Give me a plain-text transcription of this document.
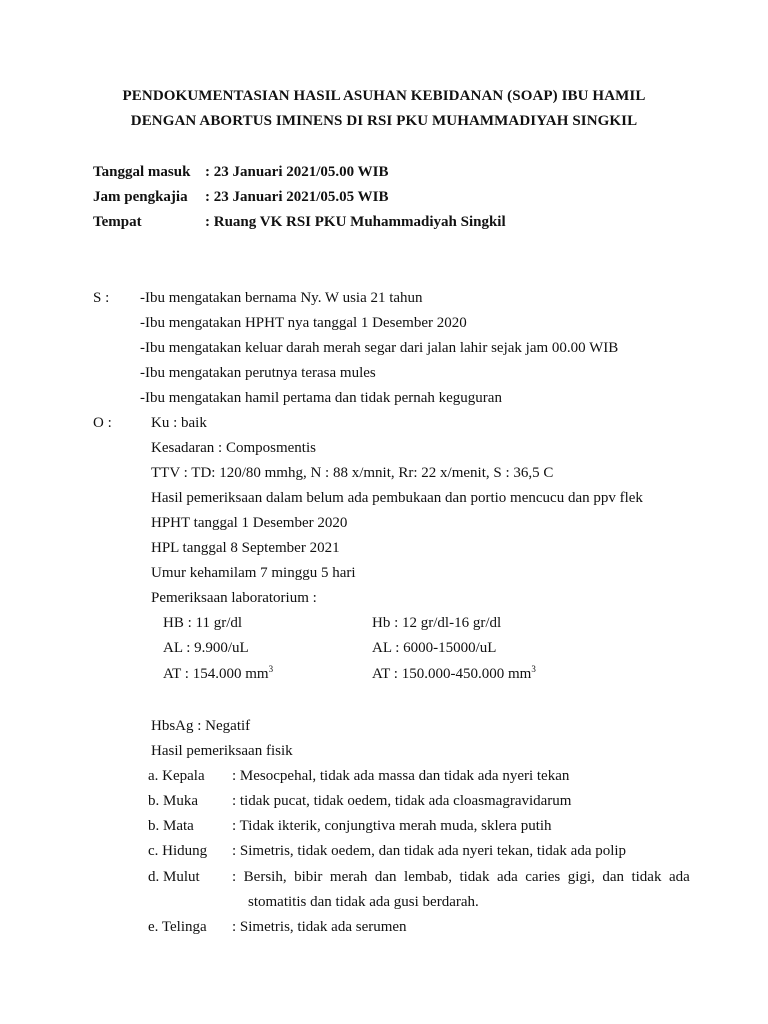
PENDOKUMENTASIAN HASIL ASUHAN KEBIDANAN (SOAP) IBU HAMIL
DENGAN ABORTUS IMINENS DI RSI PKU MUHAMMADIYAH SINGKIL
Tanggal masuk : 23 Januari 2021/05.00 WIB
Jam pengkajia : 23 Januari 2021/05.05 WIB
Tempat	: Ruang VK RSI PKU Muhammadiyah Singkil
S : -Ibu mengatakan bernama Ny. W usia 21 tahun
-Ibu mengatakan HPHT nya tanggal 1 Desember 2020
-Ibu mengatakan keluar darah merah segar dari jalan lahir sejak jam 00.00 WIB
-Ibu mengatakan perutnya terasa mules
-Ibu mengatakan hamil pertama dan tidak pernah keguguran
O :	Ku : baik
Kesadaran : Composmentis
TTV : TD: 120/80 mmhg, N : 88 x/mnit, Rr: 22 x/menit, S : 36,5 C
Hasil pemeriksaan dalam belum ada pembukaan dan portio mencucu dan ppv flek
HPHT tanggal 1 Desember 2020
HPL tanggal 8 September 2021
Umur kehamilam 7 minggu 5 hari
Pemeriksaan laboratorium :
HB : 11 gr/dl	Hb : 12 gr/dl-16 gr/dl
AL : 9.900/uL	AL : 6000-15000/uL
AT : 154.000 $mm^3$	AT : 150.000-450.000 $mm^3$
HbsAg : Negatif
Hasil pemeriksaan fisik
a. Kepala : Mesocpehal, tidak ada massa dan tidak ada nyeri tekan
b. Muka : tidak pucat, tidak oedem, tidak ada cloasmagravidarum
b. Mata	: Tidak ikterik, conjungtiva merah muda, sklera putih
c. Hidung : Simetris, tidak oedem, dan tidak ada nyeri tekan, tidak ada polip
d. Mulut :  Bersih,  bibir  merah  dan  lembab,  tidak  ada  caries  gigi,  dan  tidak  ada
stomatitis dan tidak ada gusi berdarah.
e. Telinga : Simetris, tidak ada serumen
